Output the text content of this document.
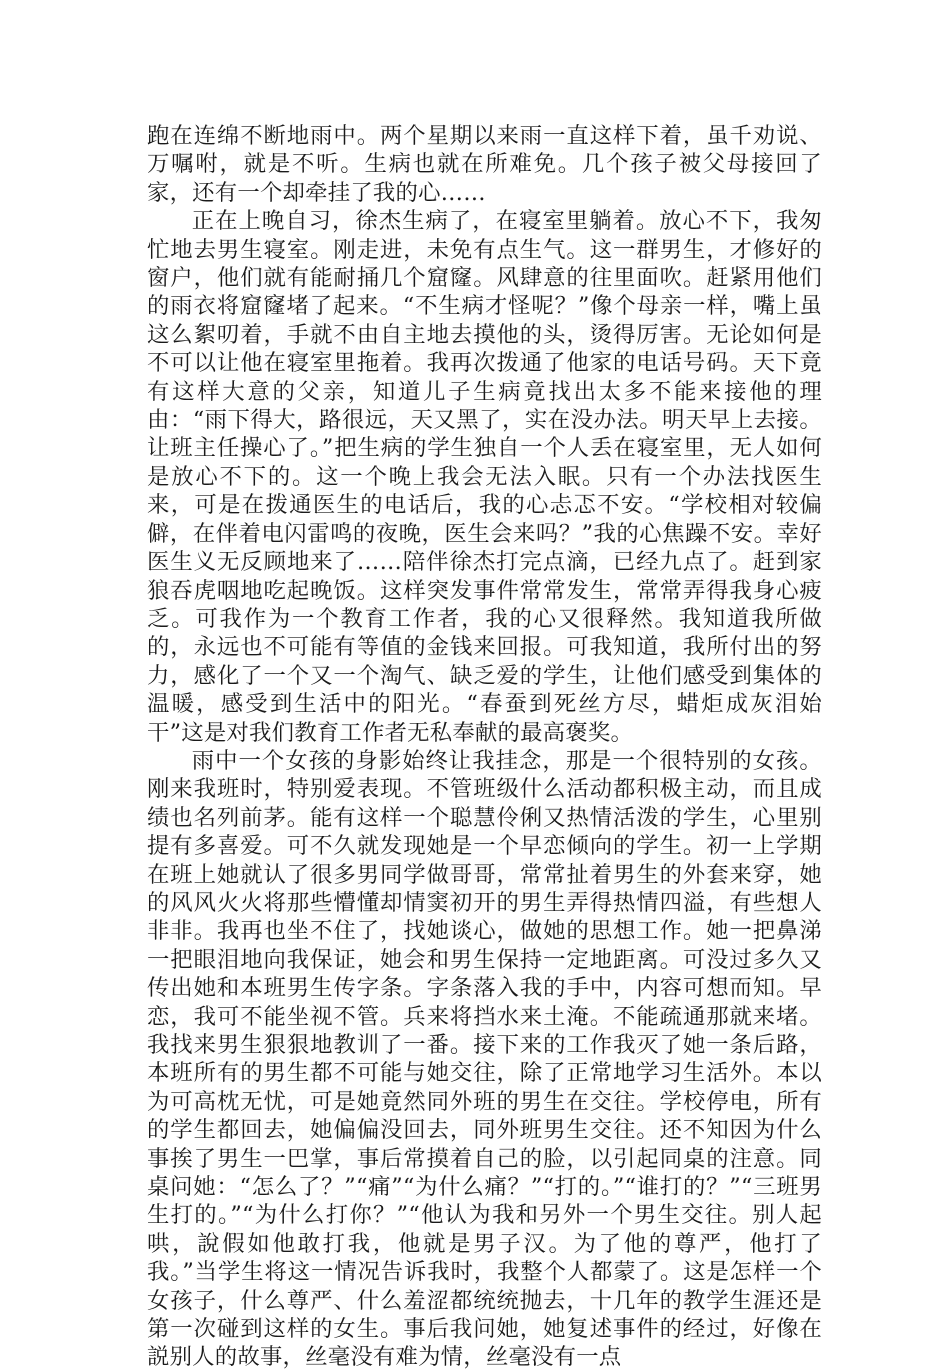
跑在连绵不断地雨中。两个星期以来雨一直这样下着，虽千劝说、万嘱咐，就是不听。生病也就在所难免。几个孩子被父母接回了家，还有一个却牵挂了我的心……

正在上晚自习，徐杰生病了，在寝室里躺着。放心不下，我匆忙地去男生寝室。刚走进，未免有点生气。这一群男生，才修好的窗户，他们就有能耐捅几个窟窿。风肆意的往里面吹。赶紧用他们的雨衣将窟窿堵了起来。“不生病才怪呢？”像个母亲一样，嘴上虽这么絮叨着，手就不由自主地去摸他的头，烫得厉害。无论如何是不可以让他在寝室里拖着。我再次拨通了他家的电话号码。天下竟有这样大意的父亲，知道儿子生病竟找出太多不能来接他的理由：“雨下得大，路很远，天又黑了，实在没办法。明天早上去接。让班主任操心了。”把生病的学生独自一个人丢在寝室里，无人如何是放心不下的。这一个晚上我会无法入眠。只有一个办法找医生来，可是在拨通医生的电话后，我的心忐忑不安。“学校相对较偏僻，在伴着电闪雷鸣的夜晚，医生会来吗？”我的心焦躁不安。幸好医生义无反顾地来了……陪伴徐杰打完点滴，已经九点了。赶到家狼吞虎咽地吃起晚饭。这样突发事件常常发生，常常弄得我身心疲乏。可我作为一个教育工作者，我的心又很释然。我知道我所做的，永远也不可能有等值的金钱来回报。可我知道，我所付出的努力，感化了一个又一个淘气、缺乏爱的学生，让他们感受到集体的温暖，感受到生活中的阳光。“春蚕到死丝方尽，蜡炬成灰泪始干”这是对我们教育工作者无私奉献的最高褒奖。

雨中一个女孩的身影始终让我挂念，那是一个很特别的女孩。刚来我班时，特别爱表现。不管班级什么活动都积极主动，而且成绩也名列前茅。能有这样一个聪慧伶俐又热情活泼的学生，心里别提有多喜爱。可不久就发现她是一个早恋倾向的学生。初一上学期在班上她就认了很多男同学做哥哥，常常扯着男生的外套来穿，她的风风火火将那些懵懂却情窦初开的男生弄得热情四溢，有些想人非非。我再也坐不住了，找她谈心，做她的思想工作。她一把鼻涕一把眼泪地向我保证，她会和男生保持一定地距离。可没过多久又传出她和本班男生传字条。字条落入我的手中，内容可想而知。早恋，我可不能坐视不管。兵来将挡水来土淹。不能疏通那就来堵。我找来男生狠狠地教训了一番。接下来的工作我灭了她一条后路，本班所有的男生都不可能与她交往，除了正常地学习生活外。本以为可高枕无忧，可是她竟然同外班的男生在交往。学校停电，所有的学生都回去，她偏偏没回去，同外班男生交往。还不知因为什么事挨了男生一巴掌，事后常摸着自己的脸，以引起同桌的注意。同桌问她：“怎么了？”“痛”“为什么痛？”“打的。”“谁打的？”“三班男生打的。”“为什么打你？”“他认为我和另外一个男生交往。别人起哄，說假如他敢打我，他就是男子汉。为了他的尊严，他打了我。”当学生将这一情况告诉我时，我整个人都蒙了。这是怎样一个女孩子，什么尊严、什么羞涩都统统抛去，十几年的教学生涯还是第一次碰到这样的女生。事后我问她，她复述事件的经过，好像在説别人的故事，丝毫没有难为情，丝毫没有一点
